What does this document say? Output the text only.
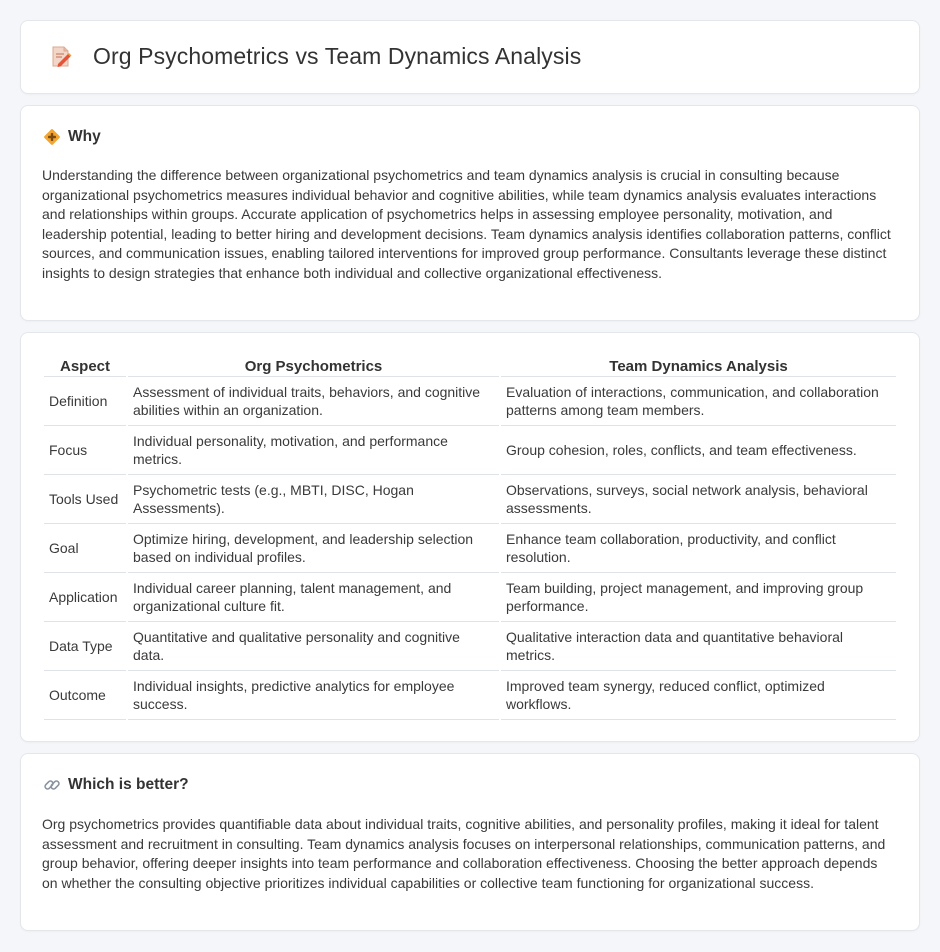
Org Psychometrics vs Team Dynamics Analysis
Why

Understanding the difference between organizational psychometrics and team dynamics analysis is crucial in consulting because organizational psychometrics measures individual behavior and cognitive abilities, while team dynamics analysis evaluates interactions and relationships within groups. Accurate application of psychometrics helps in assessing employee personality, motivation, and leadership potential, leading to better hiring and development decisions. Team dynamics analysis identifies collaboration patterns, conflict sources, and communication issues, enabling tailored interventions for improved group performance. Consultants leverage these distinct insights to design strategies that enhance both individual and collective organizational effectiveness.

Aspect	Org Psychometrics	Team Dynamics Analysis
Definition	Assessment of individual traits, behaviors, and cognitive abilities within an organization.	Evaluation of interactions, communication, and collaboration patterns among team members.
Focus	Individual personality, motivation, and performance metrics.	Group cohesion, roles, conflicts, and team effectiveness.
Tools Used	Psychometric tests (e.g., MBTI, DISC, Hogan Assessments).	Observations, surveys, social network analysis, behavioral assessments.
Goal	Optimize hiring, development, and leadership selection based on individual profiles.	Enhance team collaboration, productivity, and conflict resolution.
Application	Individual career planning, talent management, and organizational culture fit.	Team building, project management, and improving group performance.
Data Type	Quantitative and qualitative personality and cognitive data.	Qualitative interaction data and quantitative behavioral metrics.
Outcome	Individual insights, predictive analytics for employee success.	Improved team synergy, reduced conflict, optimized workflows.
Which is better?

Org psychometrics provides quantifiable data about individual traits, cognitive abilities, and personality profiles, making it ideal for talent assessment and recruitment in consulting. Team dynamics analysis focuses on interpersonal relationships, communication patterns, and group behavior, offering deeper insights into team performance and collaboration effectiveness. Choosing the better approach depends on whether the consulting objective prioritizes individual capabilities or collective team functioning for organizational success.
